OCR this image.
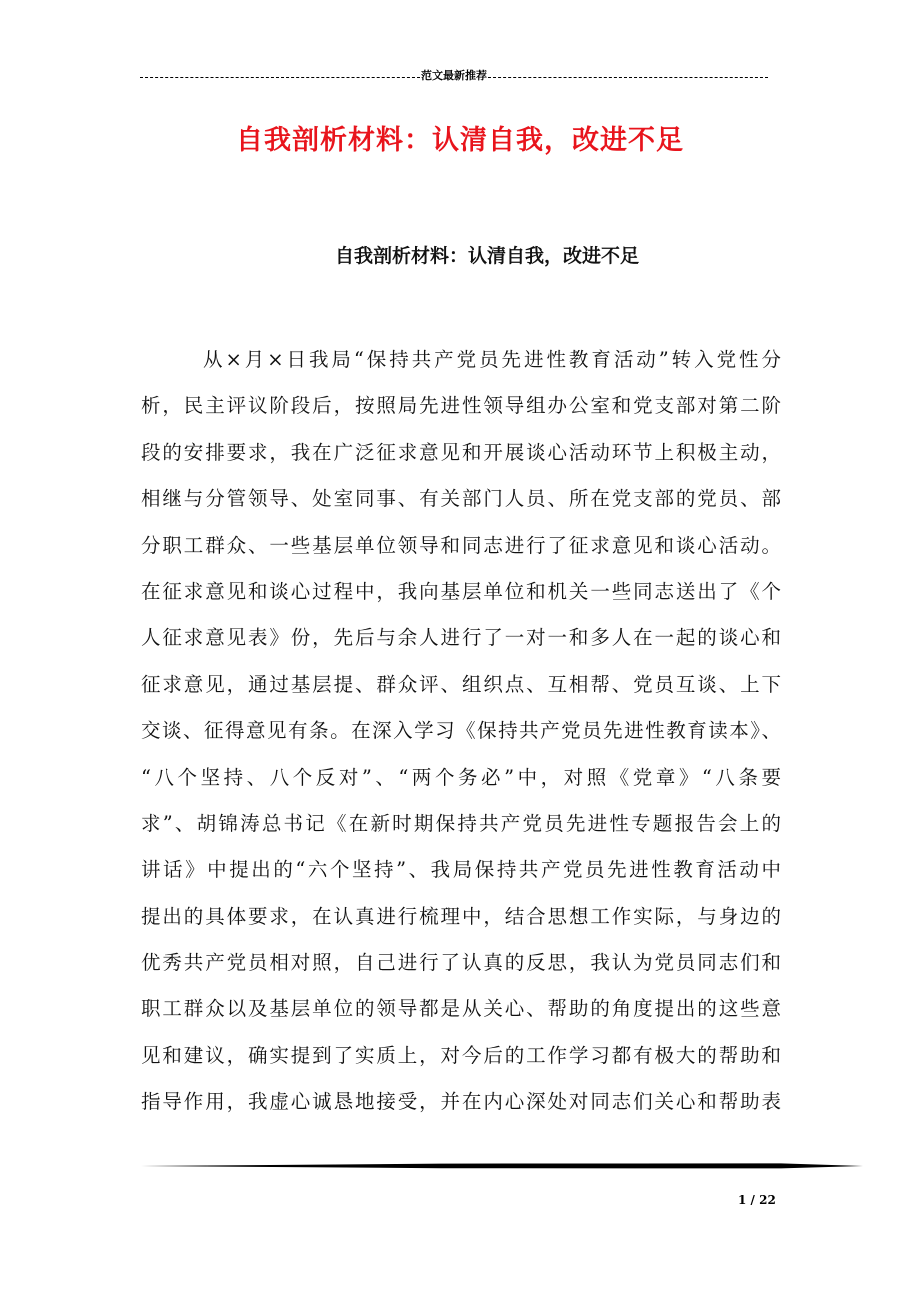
范文最新推荐
自我剖析材料：认清自我，改进不足
自我剖析材料：认清自我，改进不足
从×月×日我局“保持共产党员先进性教育活动”转入党性分
析，民主评议阶段后，按照局先进性领导组办公室和党支部对第二阶
段的安排要求，我在广泛征求意见和开展谈心活动环节上积极主动，
相继与分管领导、处室同事、有关部门人员、所在党支部的党员、部
分职工群众、一些基层单位领导和同志进行了征求意见和谈心活动。
在征求意见和谈心过程中，我向基层单位和机关一些同志送出了《个
人征求意见表》份，先后与余人进行了一对一和多人在一起的谈心和
征求意见，通过基层提、群众评、组织点、互相帮、党员互谈、上下
交谈、征得意见有条。在深入学习《保持共产党员先进性教育读本》、
“八个坚持、八个反对”、“两个务必”中，对照《党章》“八条要
求”、胡锦涛总书记《在新时期保持共产党员先进性专题报告会上的
讲话》中提出的“六个坚持”、我局保持共产党员先进性教育活动中
提出的具体要求，在认真进行梳理中，结合思想工作实际，与身边的
优秀共产党员相对照，自己进行了认真的反思，我认为党员同志们和
职工群众以及基层单位的领导都是从关心、帮助的角度提出的这些意
见和建议，确实提到了实质上，对今后的工作学习都有极大的帮助和
指导作用，我虚心诚恳地接受，并在内心深处对同志们关心和帮助表
1 / 22
